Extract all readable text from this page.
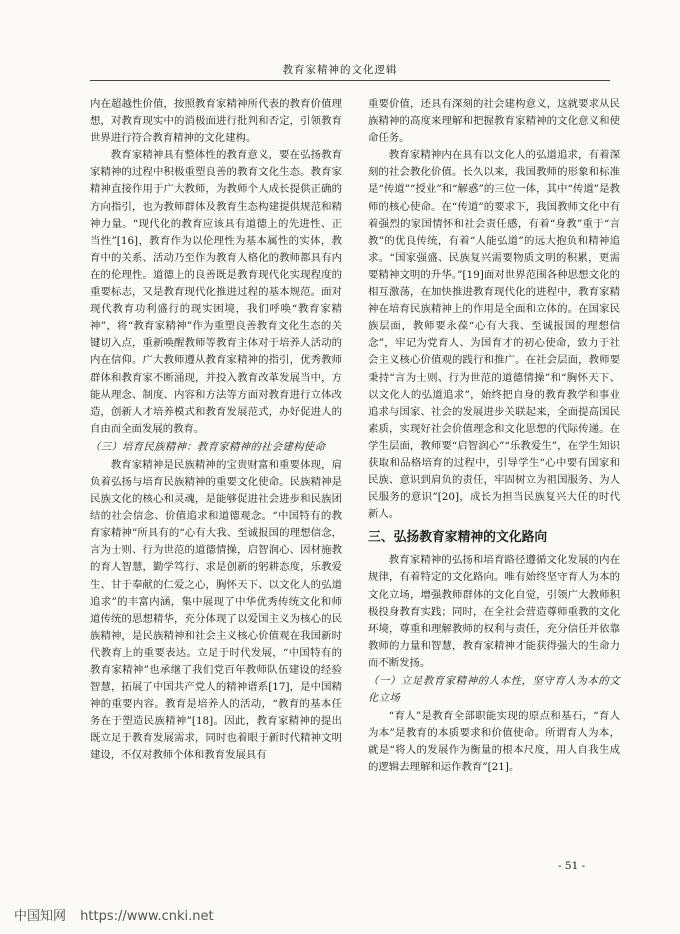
教育家精神的文化逻辑

内在超越性价值，按照教育家精神所代表的教育价值理想，对教育现实中的消极面进行批判和否定，引领教育世界进行符合教育精神的文化建构。

教育家精神具有整体性的教育意义，要在弘扬教育家精神的过程中积极重塑良善的教育文化生态。教育家精神直接作用于广大教师，为教师个人成长提供正确的方向指引，也为教师群体及教育生态构建提供规范和精神力量。“现代化的教育应该具有道德上的先进性、正当性”[16]，教育作为以伦理性为基本属性的实体，教育中的关系、活动乃至作为教育人格化的教师都具有内在的伦理性。道德上的良善既是教育现代化实现程度的重要标志，又是教育现代化推进过程的基本规范。面对现代教育功利盛行的现实困境，我们呼唤“教育家精神”，将“教育家精神”作为重塑良善教育文化生态的关键切入点，重新唤醒教师等教育主体对于培养人活动的内在信仰。广大教师遵从教育家精神的指引，优秀教师群体和教育家不断涌现，并投入教育改革发展当中，方能从理念、制度、内容和方法等方面对教育进行立体改造，创新人才培养模式和教育发展范式，办好促进人的自由而全面发展的教育。

（三）培育民族精神：教育家精神的社会建构使命

教育家精神是民族精神的宝贵财富和重要体现，肩负着弘扬与培育民族精神的重要文化使命。民族精神是民族文化的核心和灵魂，是能够促进社会进步和民族团结的社会信念、价值追求和道德观念。“中国特有的教育家精神”所具有的“心有大我、至诚报国的理想信念，言为士则、行为世范的道德情操，启智润心、因材施教的育人智慧，勤学笃行、求是创新的躬耕态度，乐教爱生、甘于奉献的仁爱之心，胸怀天下、以文化人的弘道追求”的丰富内涵，集中展现了中华优秀传统文化和师道传统的思想精华，充分体现了以爱国主义为核心的民族精神，是民族精神和社会主义核心价值观在我国新时代教育上的重要表达。立足于时代发展，“中国特有的教育家精神”也承继了我们党百年教师队伍建设的经验智慧，拓展了中国共产党人的精神谱系[17]，是中国精神的重要内容。教育是培养人的活动，“教育的基本任务在于塑造民族精神”[18]。因此，教育家精神的提出既立足于教育发展需求，同时也着眼于新时代精神文明建设，不仅对教师个体和教育发展具有

重要价值，还具有深刻的社会建构意义，这就要求从民族精神的高度来理解和把握教育家精神的文化意义和使命任务。

教育家精神内在具有以文化人的弘道追求，有着深刻的社会教化价值。长久以来，我国教师的形象和标准是“传道”“授业”和“解惑”的三位一体，其中“传道”是教师的核心使命。在“传道”的要求下，我国教师文化中有着强烈的家国情怀和社会责任感，有着“身教”重于“言教”的优良传统，有着“人能弘道”的远大抱负和精神追求。“国家强盛、民族复兴需要物质文明的积累，更需要精神文明的升华。”[19]面对世界范围各种思想文化的相互激荡，在加快推进教育现代化的进程中，教育家精神在培育民族精神上的作用是全面和立体的。在国家民族层面，教师要永葆“心有大我、至诚报国的理想信念”，牢记为党育人、为国育才的初心使命，致力于社会主义核心价值观的践行和推广。在社会层面，教师要秉持“言为士则、行为世范的道德情操”和“胸怀天下、以文化人的弘道追求”，始终把自身的教育教学和事业追求与国家、社会的发展进步关联起来，全面提高国民素质，实现好社会价值理念和文化思想的代际传递。在学生层面，教师要“启智润心”“乐教爱生”，在学生知识获取和品格培育的过程中，引导学生“心中要有国家和民族、意识到肩负的责任，牢固树立为祖国服务、为人民服务的意识”[20]，成长为担当民族复兴大任的时代新人。

三、弘扬教育家精神的文化路向

教育家精神的弘扬和培育路径遵循文化发展的内在规律，有着特定的文化路向。唯有始终坚守育人为本的文化立场，增强教师群体的文化自觉，引领广大教师积极投身教育实践；同时，在全社会营造尊师重教的文化环境，尊重和理解教师的权利与责任，充分信任并依靠教师的力量和智慧，教育家精神才能获得强大的生命力而不断发扬。

（一）立足教育家精神的人本性，坚守育人为本的文化立场

“育人”是教育全部职能实现的原点和基石，“育人为本”是教育的本质要求和价值使命。所谓育人为本，就是“将人的发展作为衡量的根本尺度，用人自我生成的逻辑去理解和运作教育”[21]。

- 51 -
中国知网 https://www.cnki.net
